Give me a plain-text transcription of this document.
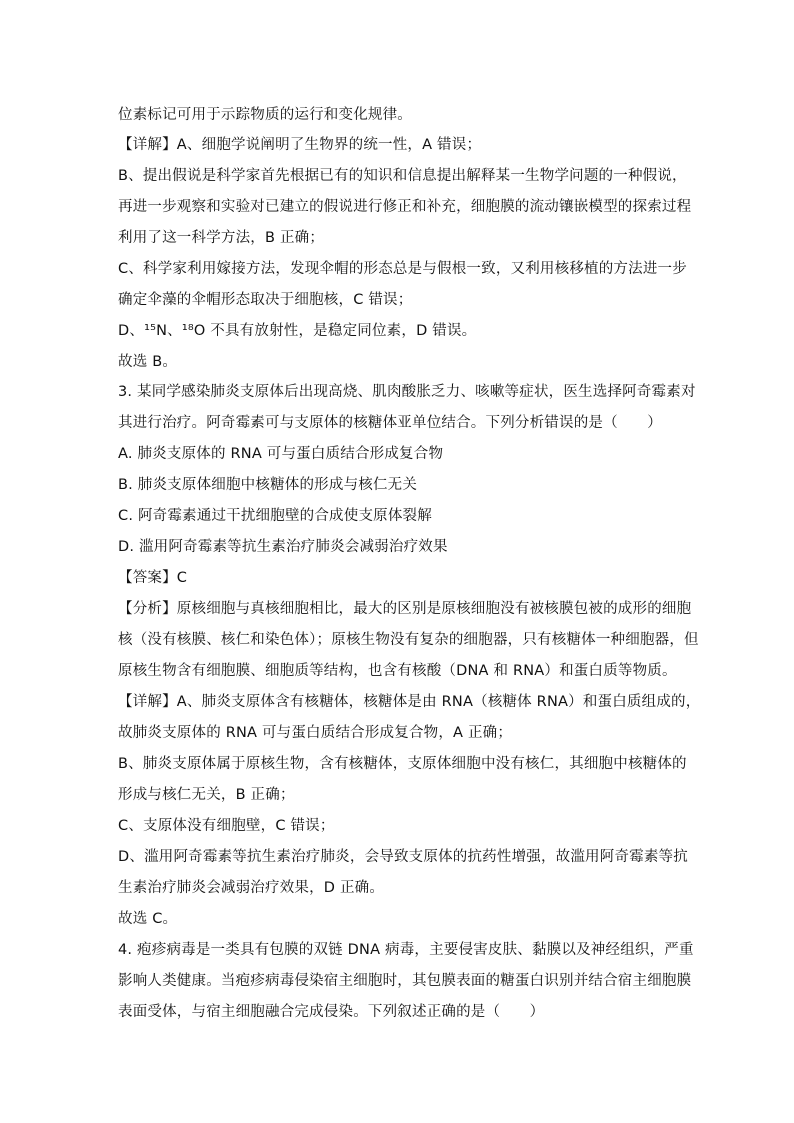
位素标记可用于示踪物质的运行和变化规律。
【详解】A、细胞学说阐明了生物界的统一性，A 错误；
B、提出假说是科学家首先根据已有的知识和信息提出解释某一生物学问题的一种假说，
再进一步观察和实验对已建立的假说进行修正和补充，细胞膜的流动镶嵌模型的探索过程
利用了这一科学方法，B 正确；
C、科学家利用嫁接方法，发现伞帽的形态总是与假根一致，又利用核移植的方法进一步
确定伞藻的伞帽形态取决于细胞核，C 错误；
D、¹⁵N、¹⁸O 不具有放射性，是稳定同位素，D 错误。
故选 B。
3. 某同学感染肺炎支原体后出现高烧、肌肉酸胀乏力、咳嗽等症状，医生选择阿奇霉素对
其进行治疗。阿奇霉素可与支原体的核糖体亚单位结合。下列分析错误的是（　　）
A. 肺炎支原体的 RNA 可与蛋白质结合形成复合物
B. 肺炎支原体细胞中核糖体的形成与核仁无关
C. 阿奇霉素通过干扰细胞壁的合成使支原体裂解
D. 滥用阿奇霉素等抗生素治疗肺炎会减弱治疗效果
【答案】C
【分析】原核细胞与真核细胞相比，最大的区别是原核细胞没有被核膜包被的成形的细胞
核（没有核膜、核仁和染色体）；原核生物没有复杂的细胞器，只有核糖体一种细胞器，但
原核生物含有细胞膜、细胞质等结构，也含有核酸（DNA 和 RNA）和蛋白质等物质。
【详解】A、肺炎支原体含有核糖体，核糖体是由 RNA（核糖体 RNA）和蛋白质组成的，
故肺炎支原体的 RNA 可与蛋白质结合形成复合物，A 正确；
B、肺炎支原体属于原核生物，含有核糖体，支原体细胞中没有核仁，其细胞中核糖体的
形成与核仁无关，B 正确；
C、支原体没有细胞壁，C 错误；
D、滥用阿奇霉素等抗生素治疗肺炎，会导致支原体的抗药性增强，故滥用阿奇霉素等抗
生素治疗肺炎会减弱治疗效果，D 正确。
故选 C。
4. 疱疹病毒是一类具有包膜的双链 DNA 病毒，主要侵害皮肤、黏膜以及神经组织，严重
影响人类健康。当疱疹病毒侵染宿主细胞时，其包膜表面的糖蛋白识别并结合宿主细胞膜
表面受体，与宿主细胞融合完成侵染。下列叙述正确的是（　　）
